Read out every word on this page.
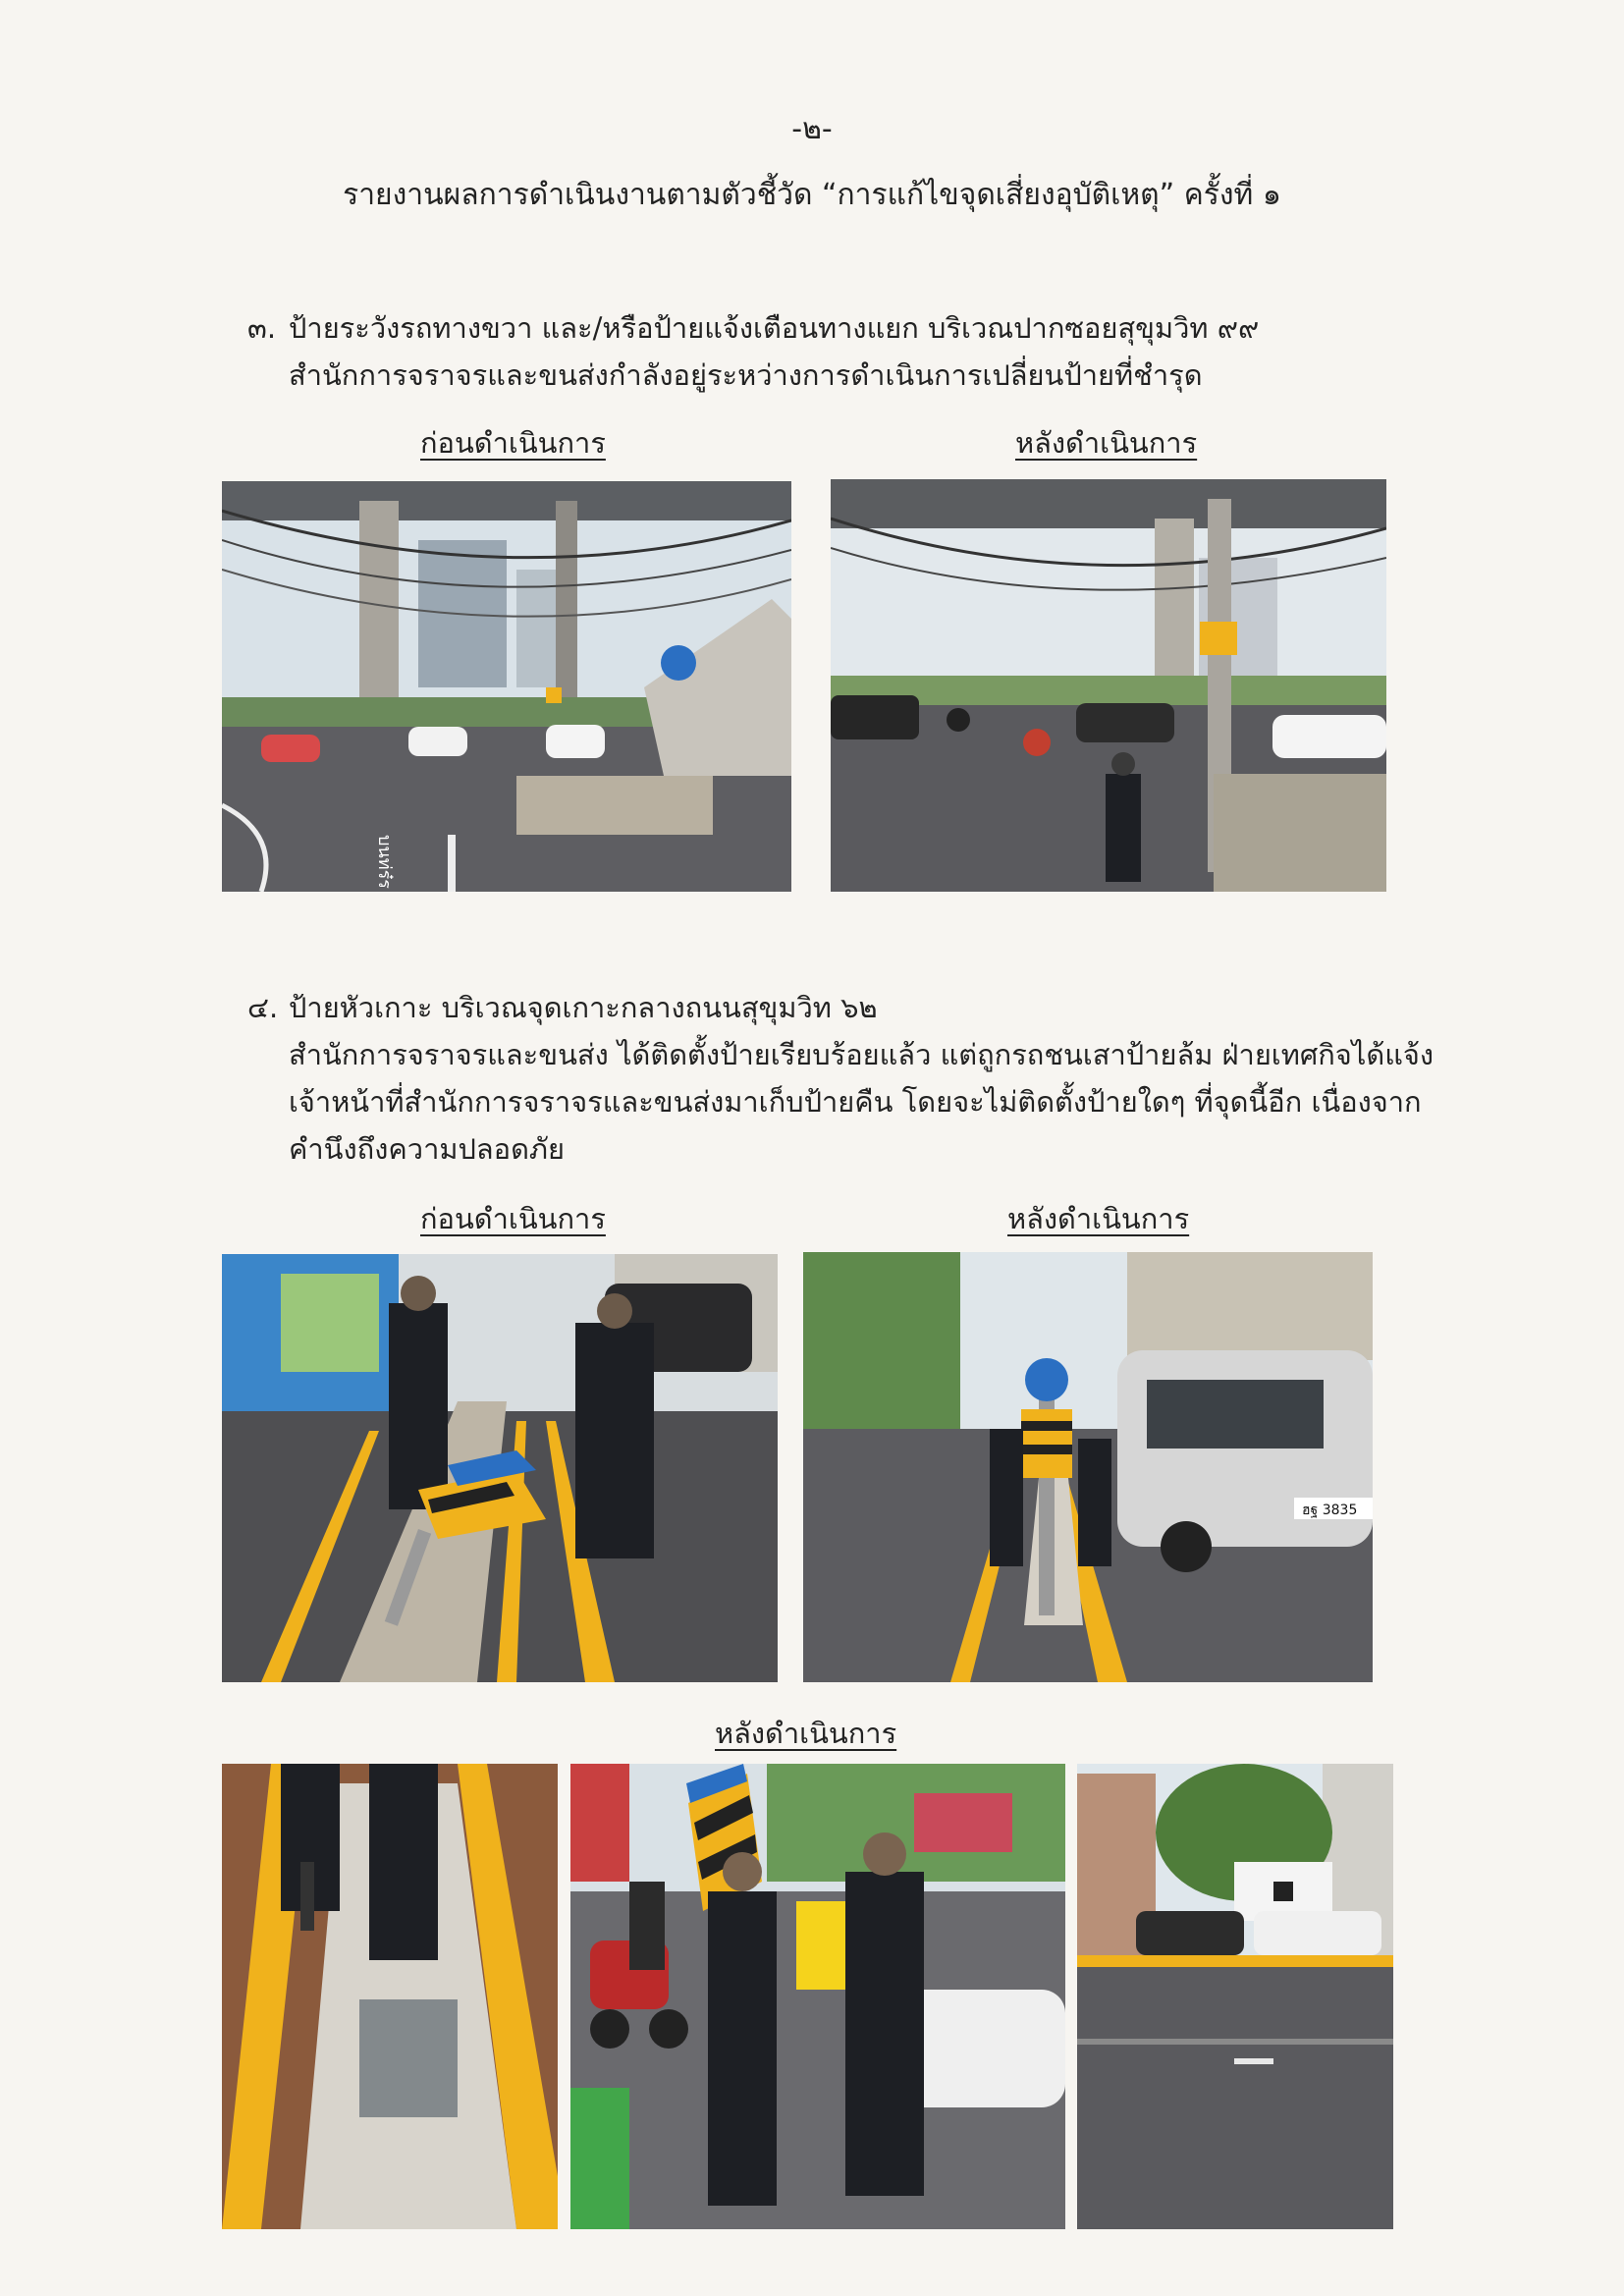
-๒-
รายงานผลการดำเนินงานตามตัวชี้วัด “การแก้ไขจุดเสี่ยงอุบัติเหตุ” ครั้งที่ ๑
๓. ป้ายระวังรถทางขวา และ/หรือป้ายแจ้งเตือนทางแยก บริเวณปากซอยสุขุมวิท ๙๙
สำนักการจราจรและขนส่งกำลังอยู่ระหว่างการดำเนินการเปลี่ยนป้ายที่ชำรุด
ก่อนดำเนินการ	หลังดำเนินการ
บนท่ร๋ร
๔. ป้ายหัวเกาะ บริเวณจุดเกาะกลางถนนสุขุมวิท ๖๒
สำนักการจราจรและขนส่ง ได้ติดตั้งป้ายเรียบร้อยแล้ว แต่ถูกรถชนเสาป้ายล้ม ฝ่ายเทศกิจได้แจ้ง
เจ้าหน้าที่สำนักการจราจรและขนส่งมาเก็บป้ายคืน โดยจะไม่ติดตั้งป้ายใดๆ ที่จุดนี้อีก เนื่องจาก
คำนึงถึงความปลอดภัย
ก่อนดำเนินการ	หลังดำเนินการ
ฮฐ 3835
หลังดำเนินการ
